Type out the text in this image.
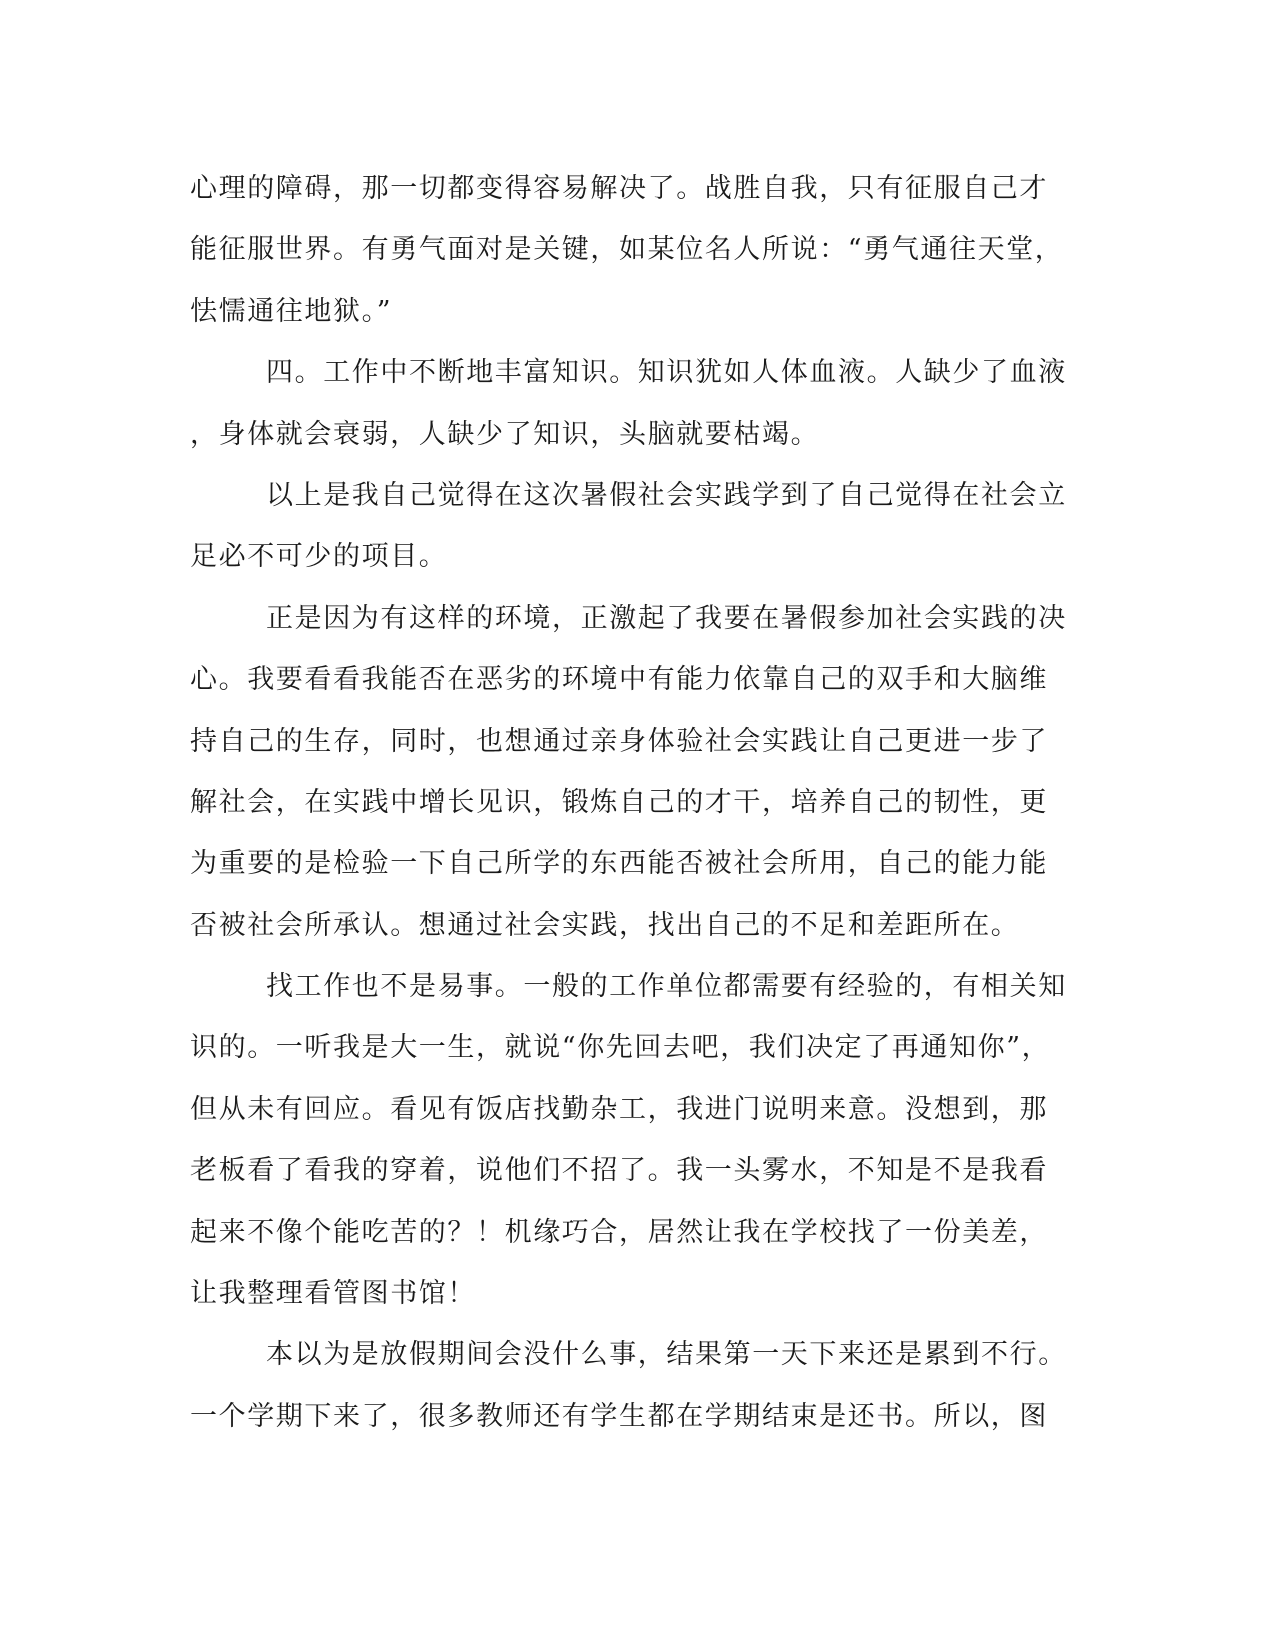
心理的障碍，那一切都变得容易解决了。战胜自我，只有征服自己才
能征服世界。有勇气面对是关键，如某位名人所说：“勇气通往天堂，
怯懦通往地狱。”
四。工作中不断地丰富知识。知识犹如人体血液。人缺少了血液
，身体就会衰弱，人缺少了知识，头脑就要枯竭。
以上是我自己觉得在这次暑假社会实践学到了自己觉得在社会立
足必不可少的项目。
正是因为有这样的环境，正激起了我要在暑假参加社会实践的决
心。我要看看我能否在恶劣的环境中有能力依靠自己的双手和大脑维
持自己的生存，同时，也想通过亲身体验社会实践让自己更进一步了
解社会，在实践中增长见识，锻炼自己的才干，培养自己的韧性，更
为重要的是检验一下自己所学的东西能否被社会所用，自己的能力能
否被社会所承认。想通过社会实践，找出自己的不足和差距所在。
找工作也不是易事。一般的工作单位都需要有经验的，有相关知
识的。一听我是大一生，就说“你先回去吧，我们决定了再通知你”，
但从未有回应。看见有饭店找勤杂工，我进门说明来意。没想到，那
老板看了看我的穿着，说他们不招了。我一头雾水，不知是不是我看
起来不像个能吃苦的？！机缘巧合，居然让我在学校找了一份美差，
让我整理看管图书馆！
本以为是放假期间会没什么事，结果第一天下来还是累到不行。
一个学期下来了，很多教师还有学生都在学期结束是还书。所以，图
